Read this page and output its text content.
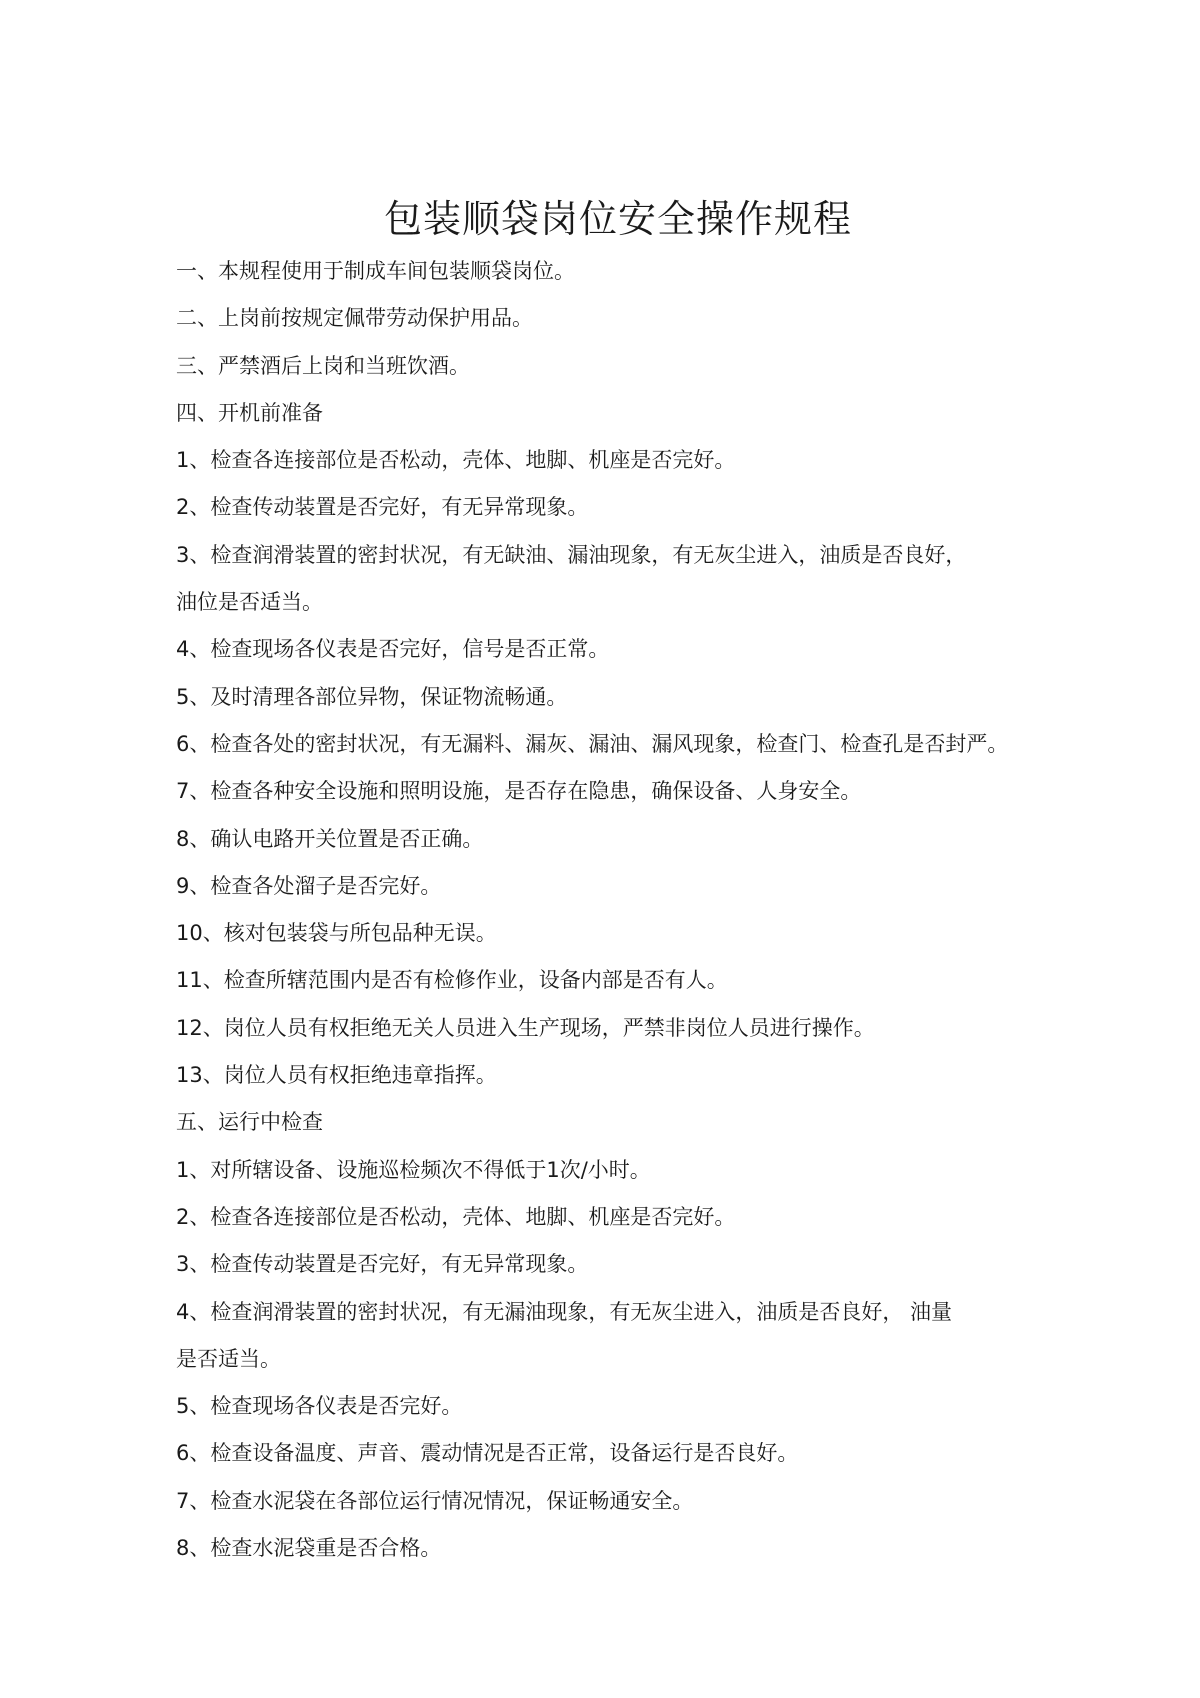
包装顺袋岗位安全操作规程

一、本规程使用于制成车间包装顺袋岗位。

二、上岗前按规定佩带劳动保护用品。

三、严禁酒后上岗和当班饮酒。

四、开机前准备

1、检查各连接部位是否松动，壳体、地脚、机座是否完好。

2、检查传动装置是否完好，有无异常现象。

3、检查润滑装置的密封状况，有无缺油、漏油现象，有无灰尘进入，油质是否良好，

油位是否适当。

4、检查现场各仪表是否完好，信号是否正常。

5、及时清理各部位异物，保证物流畅通。

6、检查各处的密封状况，有无漏料、漏灰、漏油、漏风现象，检查门、检查孔是否封严。

7、检查各种安全设施和照明设施，是否存在隐患，确保设备、人身安全。

8、确认电路开关位置是否正确。

9、检查各处溜子是否完好。

10、核对包装袋与所包品种无误。

11、检查所辖范围内是否有检修作业，设备内部是否有人。

12、岗位人员有权拒绝无关人员进入生产现场，严禁非岗位人员进行操作。

13、岗位人员有权拒绝违章指挥。

五、运行中检查

1、对所辖设备、设施巡检频次不得低于1次/小时。

2、检查各连接部位是否松动，壳体、地脚、机座是否完好。

3、检查传动装置是否完好，有无异常现象。

4、检查润滑装置的密封状况，有无漏油现象，有无灰尘进入，油质是否良好， 油量

是否适当。

5、检查现场各仪表是否完好。

6、检查设备温度、声音、震动情况是否正常，设备运行是否良好。

7、检查水泥袋在各部位运行情况情况，保证畅通安全。

8、检查水泥袋重是否合格。
